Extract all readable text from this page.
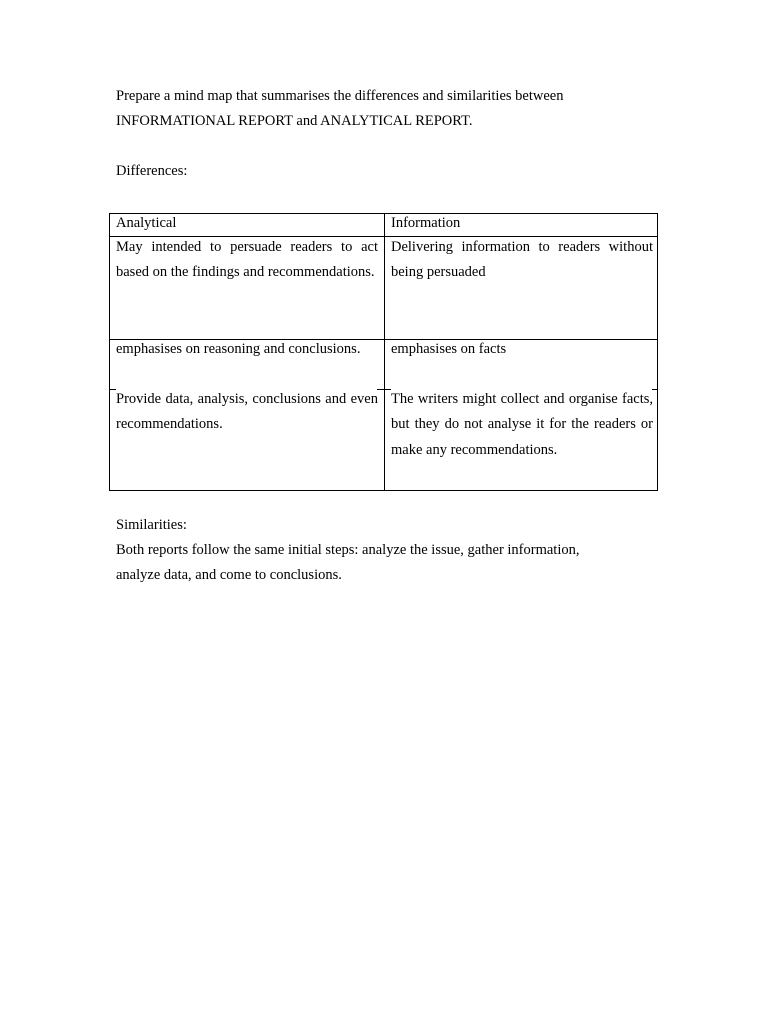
Prepare a mind map that summarises the differences and similarities between
INFORMATIONAL REPORT and ANALYTICAL REPORT.
Differences:
Analytical	Information
May intended to persuade readers to act based on the findings and recommendations.
Delivering information to readers without being persuaded
emphasises on reasoning and conclusions.	emphasises on facts
Provide data, analysis, conclusions and even recommendations.
The writers might collect and organise facts, but they do not analyse it for the readers or make any recommendations.
Similarities:
Both reports follow the same initial steps: analyze the issue, gather information,
analyze data, and come to conclusions.
